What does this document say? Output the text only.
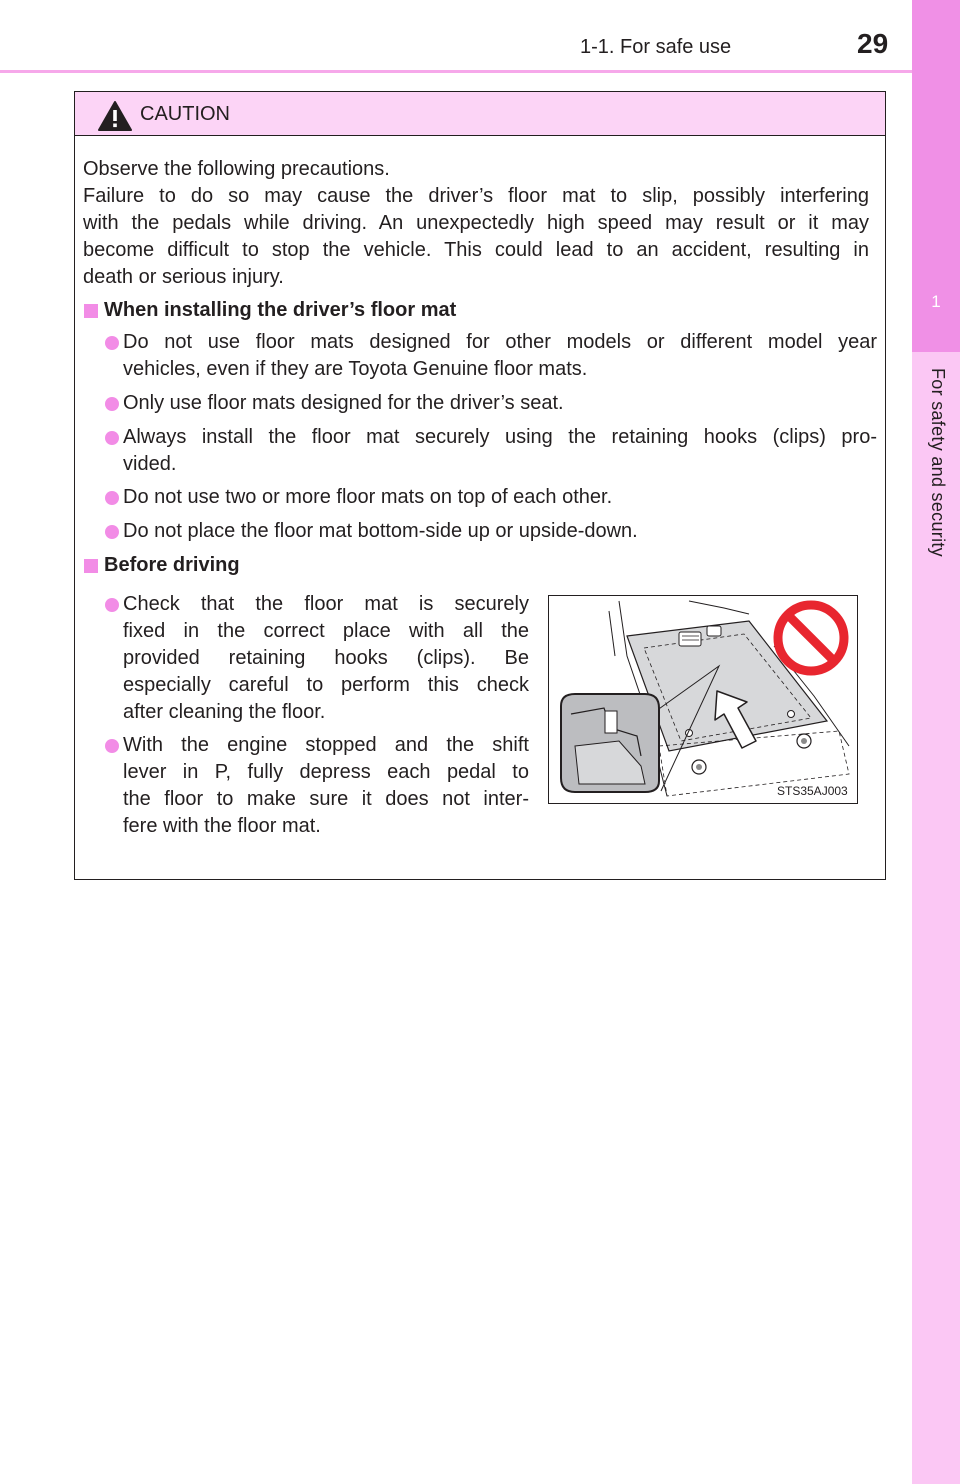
1
For safety and security
1-1. For safe use	29
CAUTION
Observe the following precautions.
Failure to do so may cause the driver’s floor mat to slip, possibly interfering
with the pedals while driving. An unexpectedly high speed may result or it may
become difficult to stop the vehicle. This could lead to an accident, resulting in
death or serious injury.
When installing the driver’s floor mat
Do not use floor mats designed for other models or different model year
vehicles, even if they are Toyota Genuine floor mats.
Only use floor mats designed for the driver’s seat.
Always install the floor mat securely using the retaining hooks (clips) pro-
vided.
Do not use two or more floor mats on top of each other.
Do not place the floor mat bottom-side up or upside-down.
Before driving
Check that the floor mat is securely
fixed in the correct place with all the
provided retaining hooks (clips). Be
especially careful to perform this check
after cleaning the floor.
With the engine stopped and the shift
lever in P, fully depress each pedal to
the floor to make sure it does not inter-
fere with the floor mat.
STS35AJ003
